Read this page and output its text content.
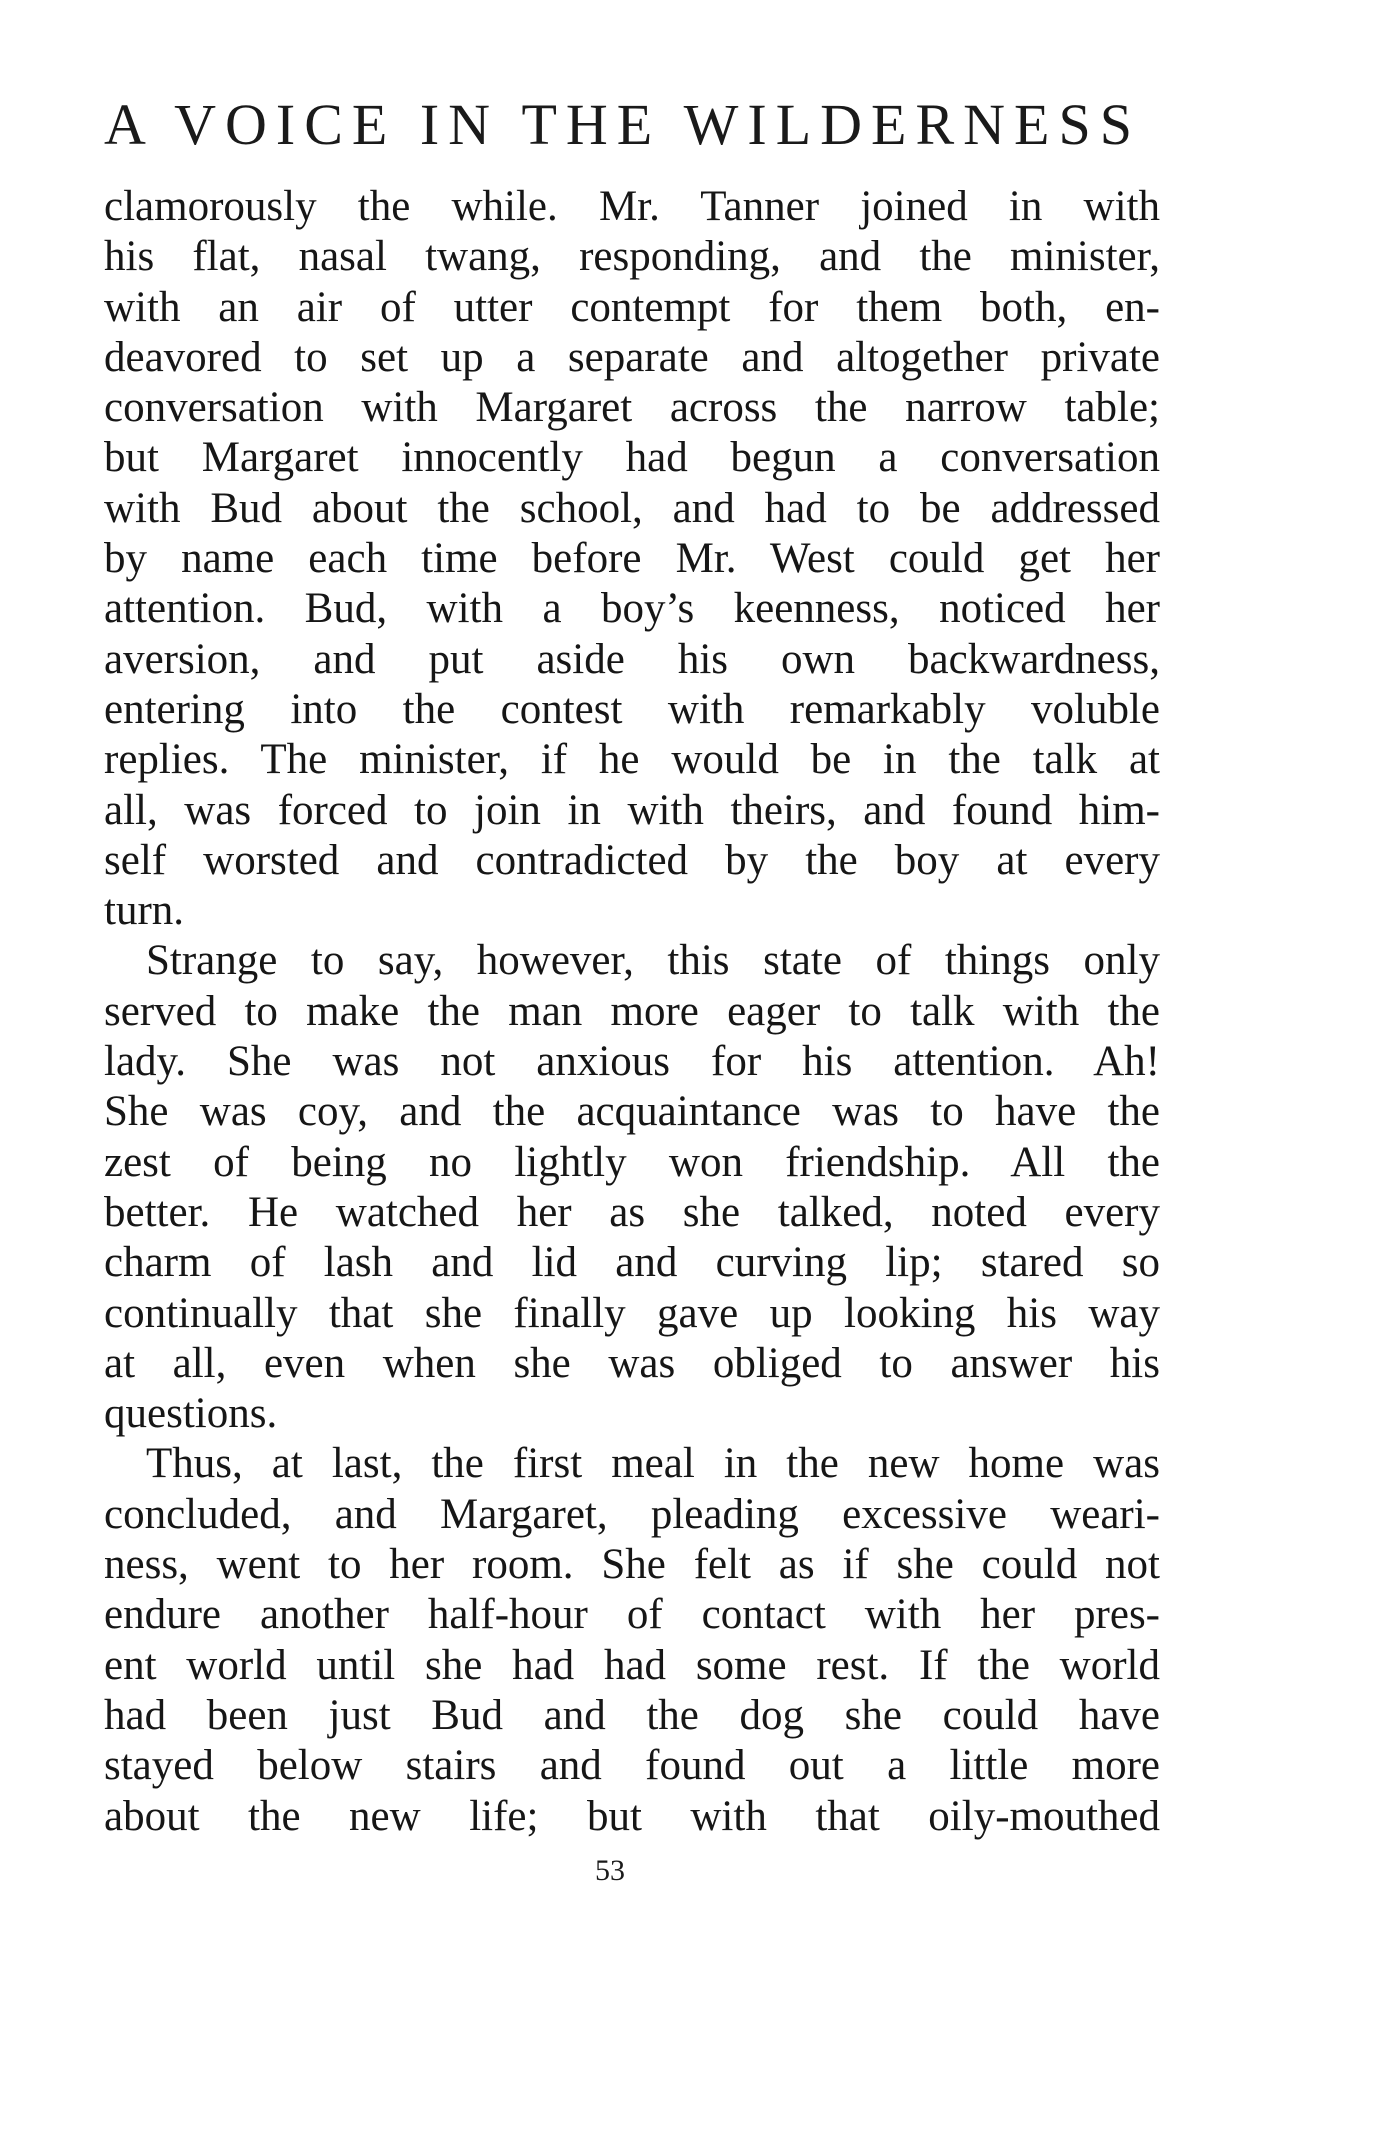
A VOICE IN THE WILDERNESS
clamorously the while. Mr. Tanner joined in with
his flat, nasal twang, responding, and the minister,
with an air of utter contempt for them both, en-
deavored to set up a separate and altogether private
conversation with Margaret across the narrow table;
but Margaret innocently had begun a conversation
with Bud about the school, and had to be addressed
by name each time before Mr. West could get her
attention. Bud, with a boy’s keenness, noticed her
aversion, and put aside his own backwardness,
entering into the contest with remarkably voluble
replies. The minister, if he would be in the talk at
all, was forced to join in with theirs, and found him-
self worsted and contradicted by the boy at every
turn.
Strange to say, however, this state of things only
served to make the man more eager to talk with the
lady. She was not anxious for his attention. Ah!
She was coy, and the acquaintance was to have the
zest of being no lightly won friendship. All the
better. He watched her as she talked, noted every
charm of lash and lid and curving lip; stared so
continually that she finally gave up looking his way
at all, even when she was obliged to answer his
questions.
Thus, at last, the first meal in the new home was
concluded, and Margaret, pleading excessive weari-
ness, went to her room. She felt as if she could not
endure another half-hour of contact with her pres-
ent world until she had had some rest. If the world
had been just Bud and the dog she could have
stayed below stairs and found out a little more
about the new life; but with that oily-mouthed
53
